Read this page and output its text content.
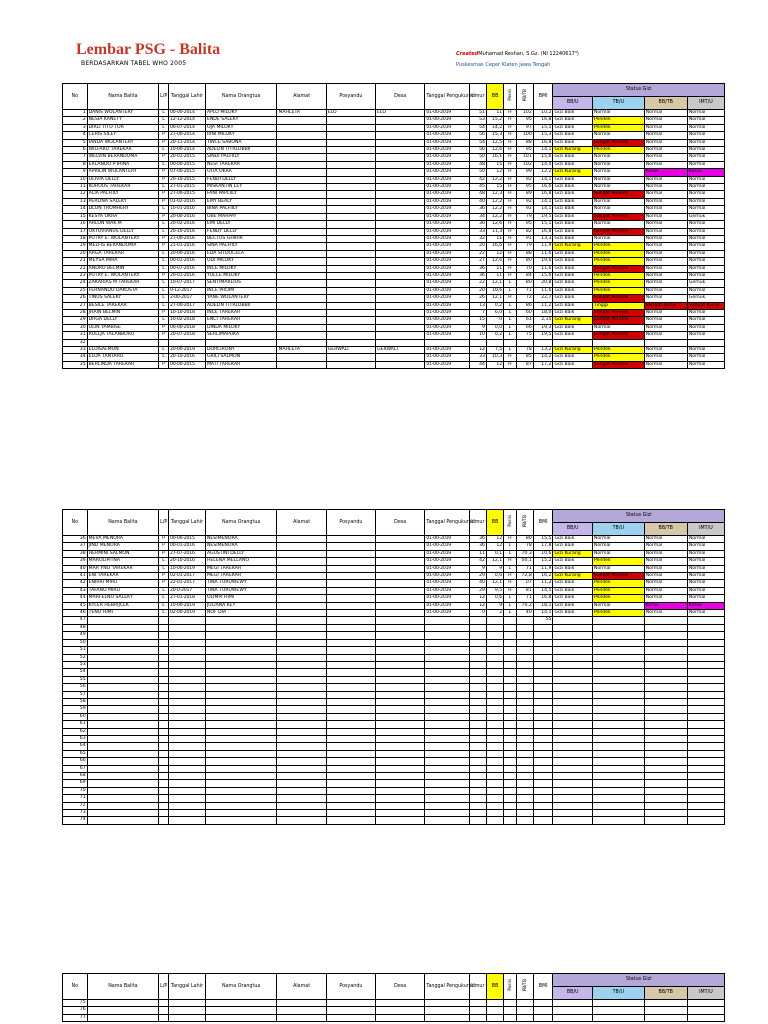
Lembar PSG - Balita
BERDASARKAN TABEL WHO 2005
CreatedMuhamad Reshan, S.Gz. (NI 12240617³)
Puskesmas Ceper Klaten Jawa Tengah
No	Nama Balita	L/P	Tanggal Lahir	Nama Orangtua	Alamat	Posyandu	Desa	Tanggal Pengukuran	Umur	BB	Posisi	PB/TB	BMI	Status Gizi			
														BB/U	TB/U	BB/TB	IMT/U
1	DANIS WOLANTERY	L	00-00-2014	APLO MILOKY	MAHLETA	ELO	ELO	01-00-2019	51	11	H	102	10,2	Gizi Baik	Normal	Normal	Normal
2	NESIA KANETY	L	12-12-2014	ENDE SALEKY				01-00-2019	53	15,2	H	95	16,8	Gizi Baik	Pendek	Normal	Normal
3	DIRLI TITO TOR	L	00-07-2014	OJA MILOKY				01-00-2019	54	14,2	H	97	15,1	Gizi Baik	Pendek	Normal	Normal
4	CERIS SILEY	P	27-00-2014	RINI MILOKY				01-00-2019	56	15,3	H	100	15,3	Gizi Baik	Normal	Normal	Normal
5	IANDA WOLANTERY	P	20-11-2014	TINCE SABONA				01-00-2019	54	12,5	H	88	16,8	Gizi Baik	Sangat Pendek	Normal	Normal
6	WILFARO TAREKAR	L	10-00-2014	ADELIN TITRLOBBII				01-00-2019	56	12,6	H	95	14,1	Gizi Kurang	Pendek	Normal	Normal
7	WELVIN BERANDOMA	P	20-01-2015	SINDI PALFIILY				01-00-2019	50	16,1	H	101	15,6	Gizi Baik	Normal	Normal	Normal
8	ERLANDO P IRINA	L	00-00-2015	NESI TAREKAR				01-00-2019	48	15	H	102	14,4	Gizi Baik	Normal	Normal	Normal
9	APRILIN WOLANTERY	P	07-00-2015	OITA OKRA				01-00-2019	50	12	H	99	12,2	Gizi Kurang	Normal	Kurus	Kurus
10	OLIVIA DELLY	P	20-10-2015	FENDI DELLY				01-00-2019	42	12,2	H	92	14,1	Gizi Baik	Normal	Normal	Normal
11	KOROUS TAREKAR	L	27-01-2015	MISKANTIN LEY				01-00-2019	45	15	H	95	16,6	Gizi Baik	Normal	Normal	Normal
12	ALIA PALFIILY	P	27-00-2015	FANI PAPLIILY				01-00-2019	48	12,3	H	89	16,8	Gizi Baik	Sangat Pendek	Normal	Normal
13	PERLINA SALEKY	P	01-02-2016	EMY BEALY				01-00-2019	40	12,2	H	92	14,1	Gizi Baik	Normal	Normal	Normal
14	DLON TROMHERY	L	10-01-2016	BINA PALFIILY				01-00-2019	36	12,2	H	92	14,1	Gizi Baik	Normal	Normal	Normal
15	KESYA OKRA	P	20-00-2016	OBE MARPAY				01-00-2019	34	12,2	H	79	19,5	Gizi Baik	Sangat Pendek	Normal	Gemuk
16	ARLON WAK M	L	20-02-2016	EMI DELLY				01-00-2019	36	12,6	H	95	15,1	Gizi Baik	Normal	Normal	Normal
17	OKTOVIANUS DELLY	L	20-10-2016	FENDY DELLY				01-00-2019	33	11,3	H	82	16,8	Gizi Baik	Sangat Pendek	Normal	Normal
18	PUTRY E. WOLANTERY	P	27-00-2016	BECTUS GHIRIR				01-00-2019	32	11	H	91	13,3	Gizi Baik	Normal	Normal	Normal
19	MELFIS BERANDOMA	P	21-01-2016	SINA PALFIILY				01-00-2019	20	16,6	H	79	11,9	Gizi Kurang	Pendek	Normal	Normal
20	ARGA TAREKAR	L	20-00-2016	EDA SITDOCELA				01-00-2019	22	12	H	88	11,6	Gizi Baik	Pendek	Normal	Normal
21	MEYSA MIRA	L	00-01-2016	ODI MILOKY				01-00-2019	27	12,6	H	80	19,6	Gizi Baik	Pendek	Normal	Normal
22	ANDRO BELMIN	L	00-07-2016	INCE MILOKY				01-00-2019	36	11	H	70	11,6	Gizi Baik	Sangat Pendek	Normal	Normal
23	PUTRY E. WOLANTERY	P	20-01-2016	YULCE MILOKY				01-00-2019	36	11	H	84	15,6	Gizi Baik	Pendek	Normal	Normal
24	ZAKARIAS M TAREKAR	L	10-07-2017	SENTIMARLIUS				01-00-2019	22	12,1	L	80	20,8	Gizi Baik	Pendek	Normal	Gemuk
25	FERNANDO DAKOSTA	L	0-12-2017	INCE PROIM				01-00-2019	20	10,6	L	71	11,6	Gizi Baik	Pendek	Normal	Normal
26	TINUS SALEKY	L	2-00-2017	YANE WOLANTERY				01-00-2019	26	12,1	H	72	22,7	Gizi Baik	Sangat Pendek	Normal	Gemuk
27	BESILE TAREKAR	L	27-00-2017	ADELIN TITRLOBBII				01-00-2019	13	0,2	L	86	11,2	Gizi Baik	Tinggi	Sangat Kurus	Sangat Kurus
28	JHAIN BELMIN	P	10-10-2018	INCE TAREKAR				01-00-2019	7	6,0	L	60	18,0	Gizi Baik	Sangat Pendek	Normal	Normal
29	DRGA DELLY	L	10-02-2018	ENCI TAREKAR				01-00-2019	15	0	L	61	2,15	Gizi Kurang	Sangat Pendek	Normal	Normal
30	OLIN YAMBISE	P	00-00-2018	DINDA MILOKY				01-00-2019	9	0,0	L	66	19,3	Gizi Baik	Normal	Normal	Normal
31	RULLJA TALANBORU	P	20-07-2018	SERLIMAPUKA				01-00-2019	10	0,2	L	75	19,5	Gizi Baik	Sangat Pendek	Normal	Normal
32																	
33	ELOISALMON	L	20-00-2019	DORCIRONY	MAHLETA	GERWALI	GERWALI	01-00-2019	12	7,5	L	78	13,2	Gizi Kurang	Pendek	Normal	Normal
34	ELOA TANTARU	L	20-10-2016	GRILI SALMON				01-00-2019	33	10,3	H	85	14,2	Gizi Baik	Pendek	Normal	Normal
35	BERLINDA TAREKAR	P	00-00-2015	MATI TAREKAR				01-00-2019	44	12	H	87	17,2	Gizi Baik	Sangat Pendek	Normal	Normal
No	Nama Balita	L/P	Tanggal Lahir	Nama Orangtua	Alamat	Posyandu	Desa	Tanggal Pengukuran	Umur	BB	Posisi	PB/TB	BMI	Status Gizi			
														BB/U	TB/U	BB/TB	IMT/U
36	MEVA MENORA	P	00-00-2015	NESIMENORA				01-00-2019	36	12	H	80	15,5	Gizi Baik	Normal	Normal	Normal
37	JIND MENORA	P	00-01-2016	NESIMENORA				01-00-2019	36	12	L	78	17,8	Gizi Baik	Normal	Normal	Normal
38	HERMINI SALMON	P	27-07-2016	AGUSTINI DELLY				01-00-2019	11	0,1	L	70,3	10,6	Gizi Kurang	Normal	Normal	Normal
39	MAROLIPITNA	L	20-10-2016	HELENA MELLANO				01-00-2019	42	12,1	H	00,1	15,2	Gizi Baik	Pendek	Normal	Normal
40	MAR YNO TAREKAR	L	10-00-2019	MEGI TAREKAR				01-00-2019	9	9	L	71	11,9	Gizi Baik	Normal	Normal	Normal
41	ENI TAREKAR	P	02-01-2017	MEGI TAREKAR				01-00-2019	29	0,6	H	72,8	16,2	Gizi Kurang	Sangat Pendek	Normal	Normal
42	ENIRRI MIRU	P	22-01-2017	TINA TURUWEWY				01-00-2019	40	12,1	H	07	11,2	Gizi Baik	Pendek	Normal	Normal
43	TAFANO MIRU	L	20-0-2017	TINA TURUWEWY				01-00-2019	29	9,5	H	81	14,5	Gizi Baik	Pendek	Normal	Normal
44	MARFELNO SALEKY	L	27-01-2018	OLIMPI HIMI				01-00-2019	12	0,6	L	71	16,8	Gizi Baik	Pendek	Normal	Normal
45	KYLER HEBRIJCEK	L	10-00-2019	JULIANA KEY				01-00-2019	12	9	L	70,2	18,1	Gizi Baik	Normal	Kurus	Kurus
46	TENO HIMI	L	02-00-2019	NOF DIA				01-00-2019	0	2	L	40	14,1	Gizi Baik	Pendek	Normal	Normal
47													55				
48																	
49																	
50																	
51																	
52																	
53																	
54																	
55																	
56																	
57																	
58																	
59																	
60																	
61																	
62																	
63																	
64																	
65																	
66																	
67																	
68																	
69																	
70																	
71																	
72																	
73																	
74																	
No	Nama Balita	L/P	Tanggal Lahir	Nama Orangtua	Alamat	Posyandu	Desa	Tanggal Pengukuran	Umur	BB	Posisi	PB/TB	BMI	Status Gizi			
														BB/U	TB/U	BB/TB	IMT/U
75																	
76																	
77																	
